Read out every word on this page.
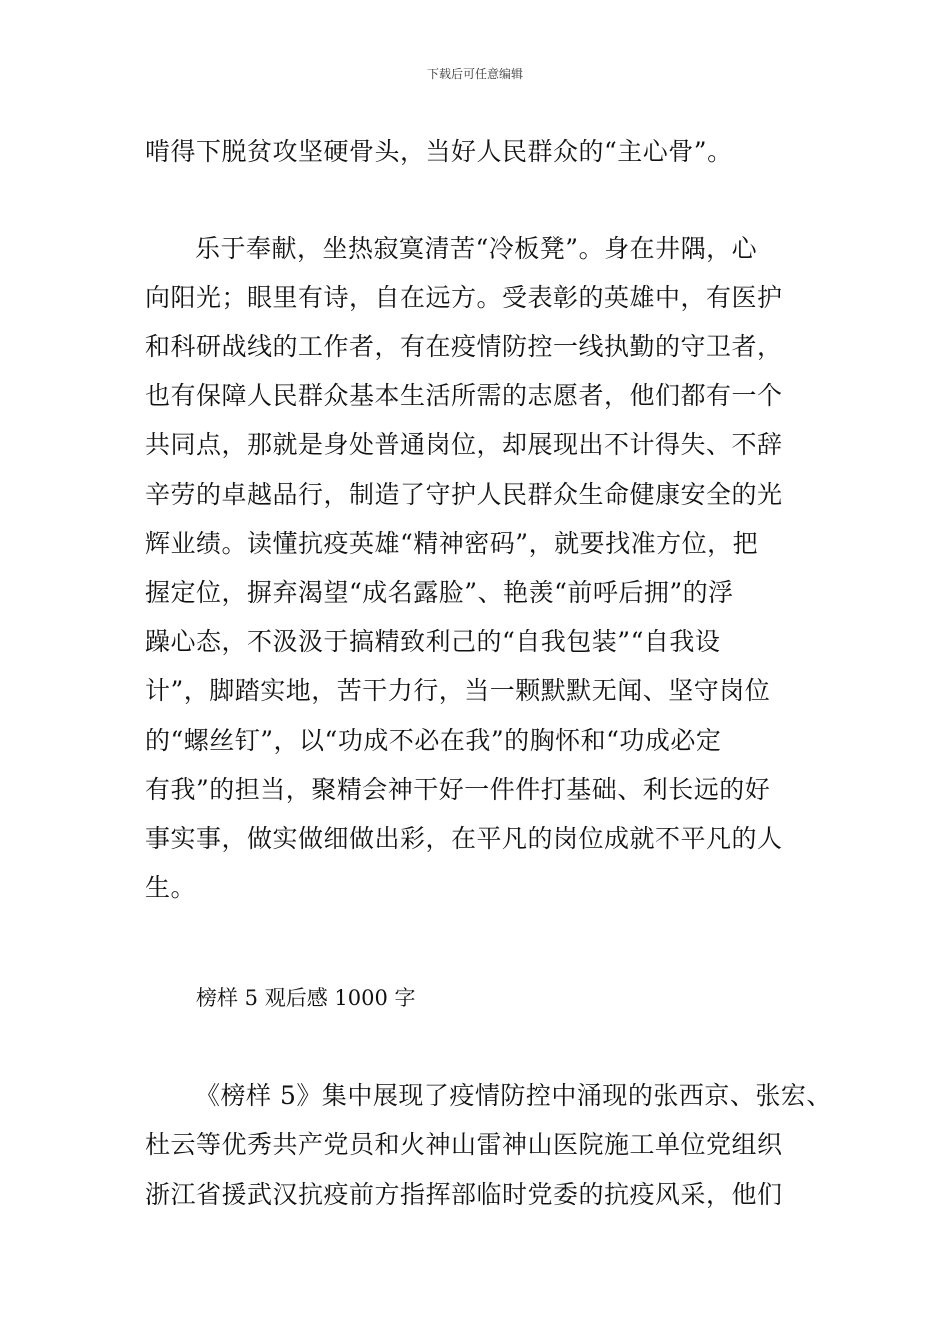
下载后可任意编辑
啃得下脱贫攻坚硬骨头，当好人民群众的“主心骨”。
乐于奉献，坐热寂寞清苦“冷板凳”。身在井隅，心
向阳光；眼里有诗，自在远方。受表彰的英雄中，有医护
和科研战线的工作者，有在疫情防控一线执勤的守卫者，
也有保障人民群众基本生活所需的志愿者，他们都有一个
共同点，那就是身处普通岗位，却展现出不计得失、不辞
辛劳的卓越品行，制造了守护人民群众生命健康安全的光
辉业绩。读懂抗疫英雄“精神密码”，就要找准方位，把
握定位，摒弃渴望“成名露脸”、艳羡“前呼后拥”的浮
躁心态，不汲汲于搞精致利己的“自我包装”“自我设
计”，脚踏实地，苦干力行，当一颗默默无闻、坚守岗位
的“螺丝钉”，以“功成不必在我”的胸怀和“功成必定
有我”的担当，聚精会神干好一件件打基础、利长远的好
事实事，做实做细做出彩，在平凡的岗位成就不平凡的人
生。
榜样 5 观后感 1000 字
《榜样 5》集中展现了疫情防控中涌现的张西京、张宏、
杜云等优秀共产党员和火神山雷神山医院施工单位党组织
浙江省援武汉抗疫前方指挥部临时党委的抗疫风采，他们
